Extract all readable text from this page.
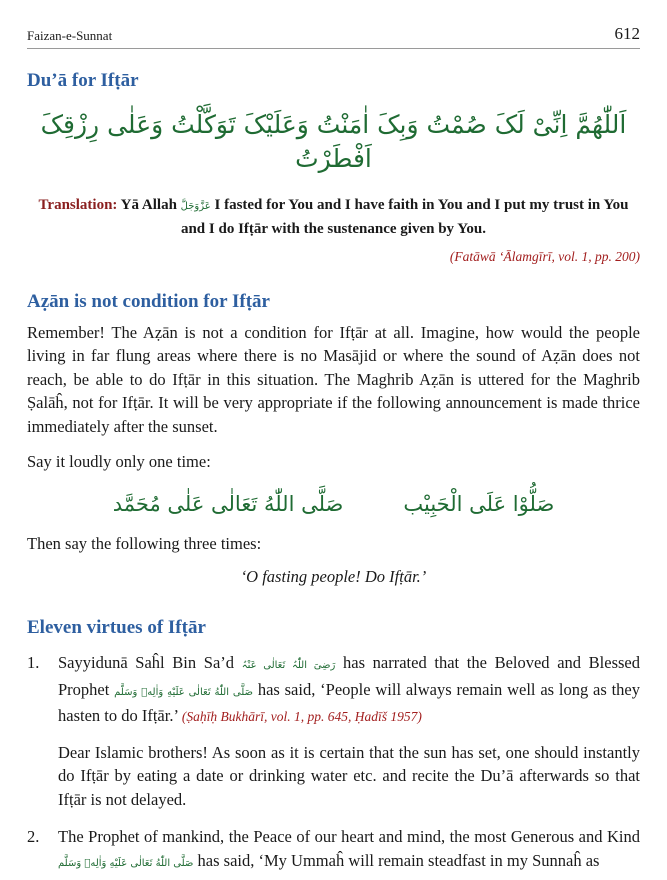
Faizan-e-Sunnat	612
Du’ā for Ifṭār
اَللّٰهُمَّ اِنِّیْ لَکَ صُمْتُ وَبِکَ اٰمَنْتُ وَعَلَیْکَ تَوَکَّلْتُ وَعَلٰی رِزْقِکَ اَفْطَرْتُ

Translation: Yā Allah عَزَّوَجَلَّ I fasted for You and I have faith in You and I put my trust in You and I do Ifṭār with the sustenance given by You.

(Fatāwā ‘Ālamgīrī, vol. 1, pp. 200)

Aẓān is not condition for Ifṭār

Remember! The Aẓān is not a condition for Ifṭār at all. Imagine, how would the people living in far flung areas where there is no Masājid or where the sound of Aẓān does not reach, be able to do Ifṭār in this situation. The Maghrib Aẓān is uttered for the Maghrib Ṣalāĥ, not for Ifṭār. It will be very appropriate if the following announcement is made thrice immediately after the sunset.

Say it loudly only one time:

صَلُّوْا عَلَی الْحَبِیْب
صَلَّى اللّٰهُ تَعَالٰی عَلٰی مُحَمَّد

Then say the following three times:

‘O fasting people! Do Ifṭār.’
Eleven virtues of Ifṭār
1. Sayyidunā Saĥl Bin Sa’d رَضِیَ اللّٰہُ تَعَالٰی عَنْہُ has narrated that the Beloved and Blessed Prophet صَلَّى اللّٰهُ تَعَالٰی عَلَیْهِ وَاٰلِهٖ وَسَلَّم has said, ‘People will always remain well as long as they hasten to do Ifṭār.’ (Ṣaḥīḥ Bukhārī, vol. 1, pp. 645, Ḥadīš 1957)

Dear Islamic brothers! As soon as it is certain that the sun has set, one should instantly do Ifṭār by eating a date or drinking water etc. and recite the Du’ā afterwards so that Ifṭār is not delayed.

2. The Prophet of mankind, the Peace of our heart and mind, the most Generous and Kind صَلَّى اللّٰهُ تَعَالٰی عَلَیْهِ وَاٰلِهٖ وَسَلَّم has said, ‘My Ummaĥ will remain steadfast in my Sunnaĥ as
